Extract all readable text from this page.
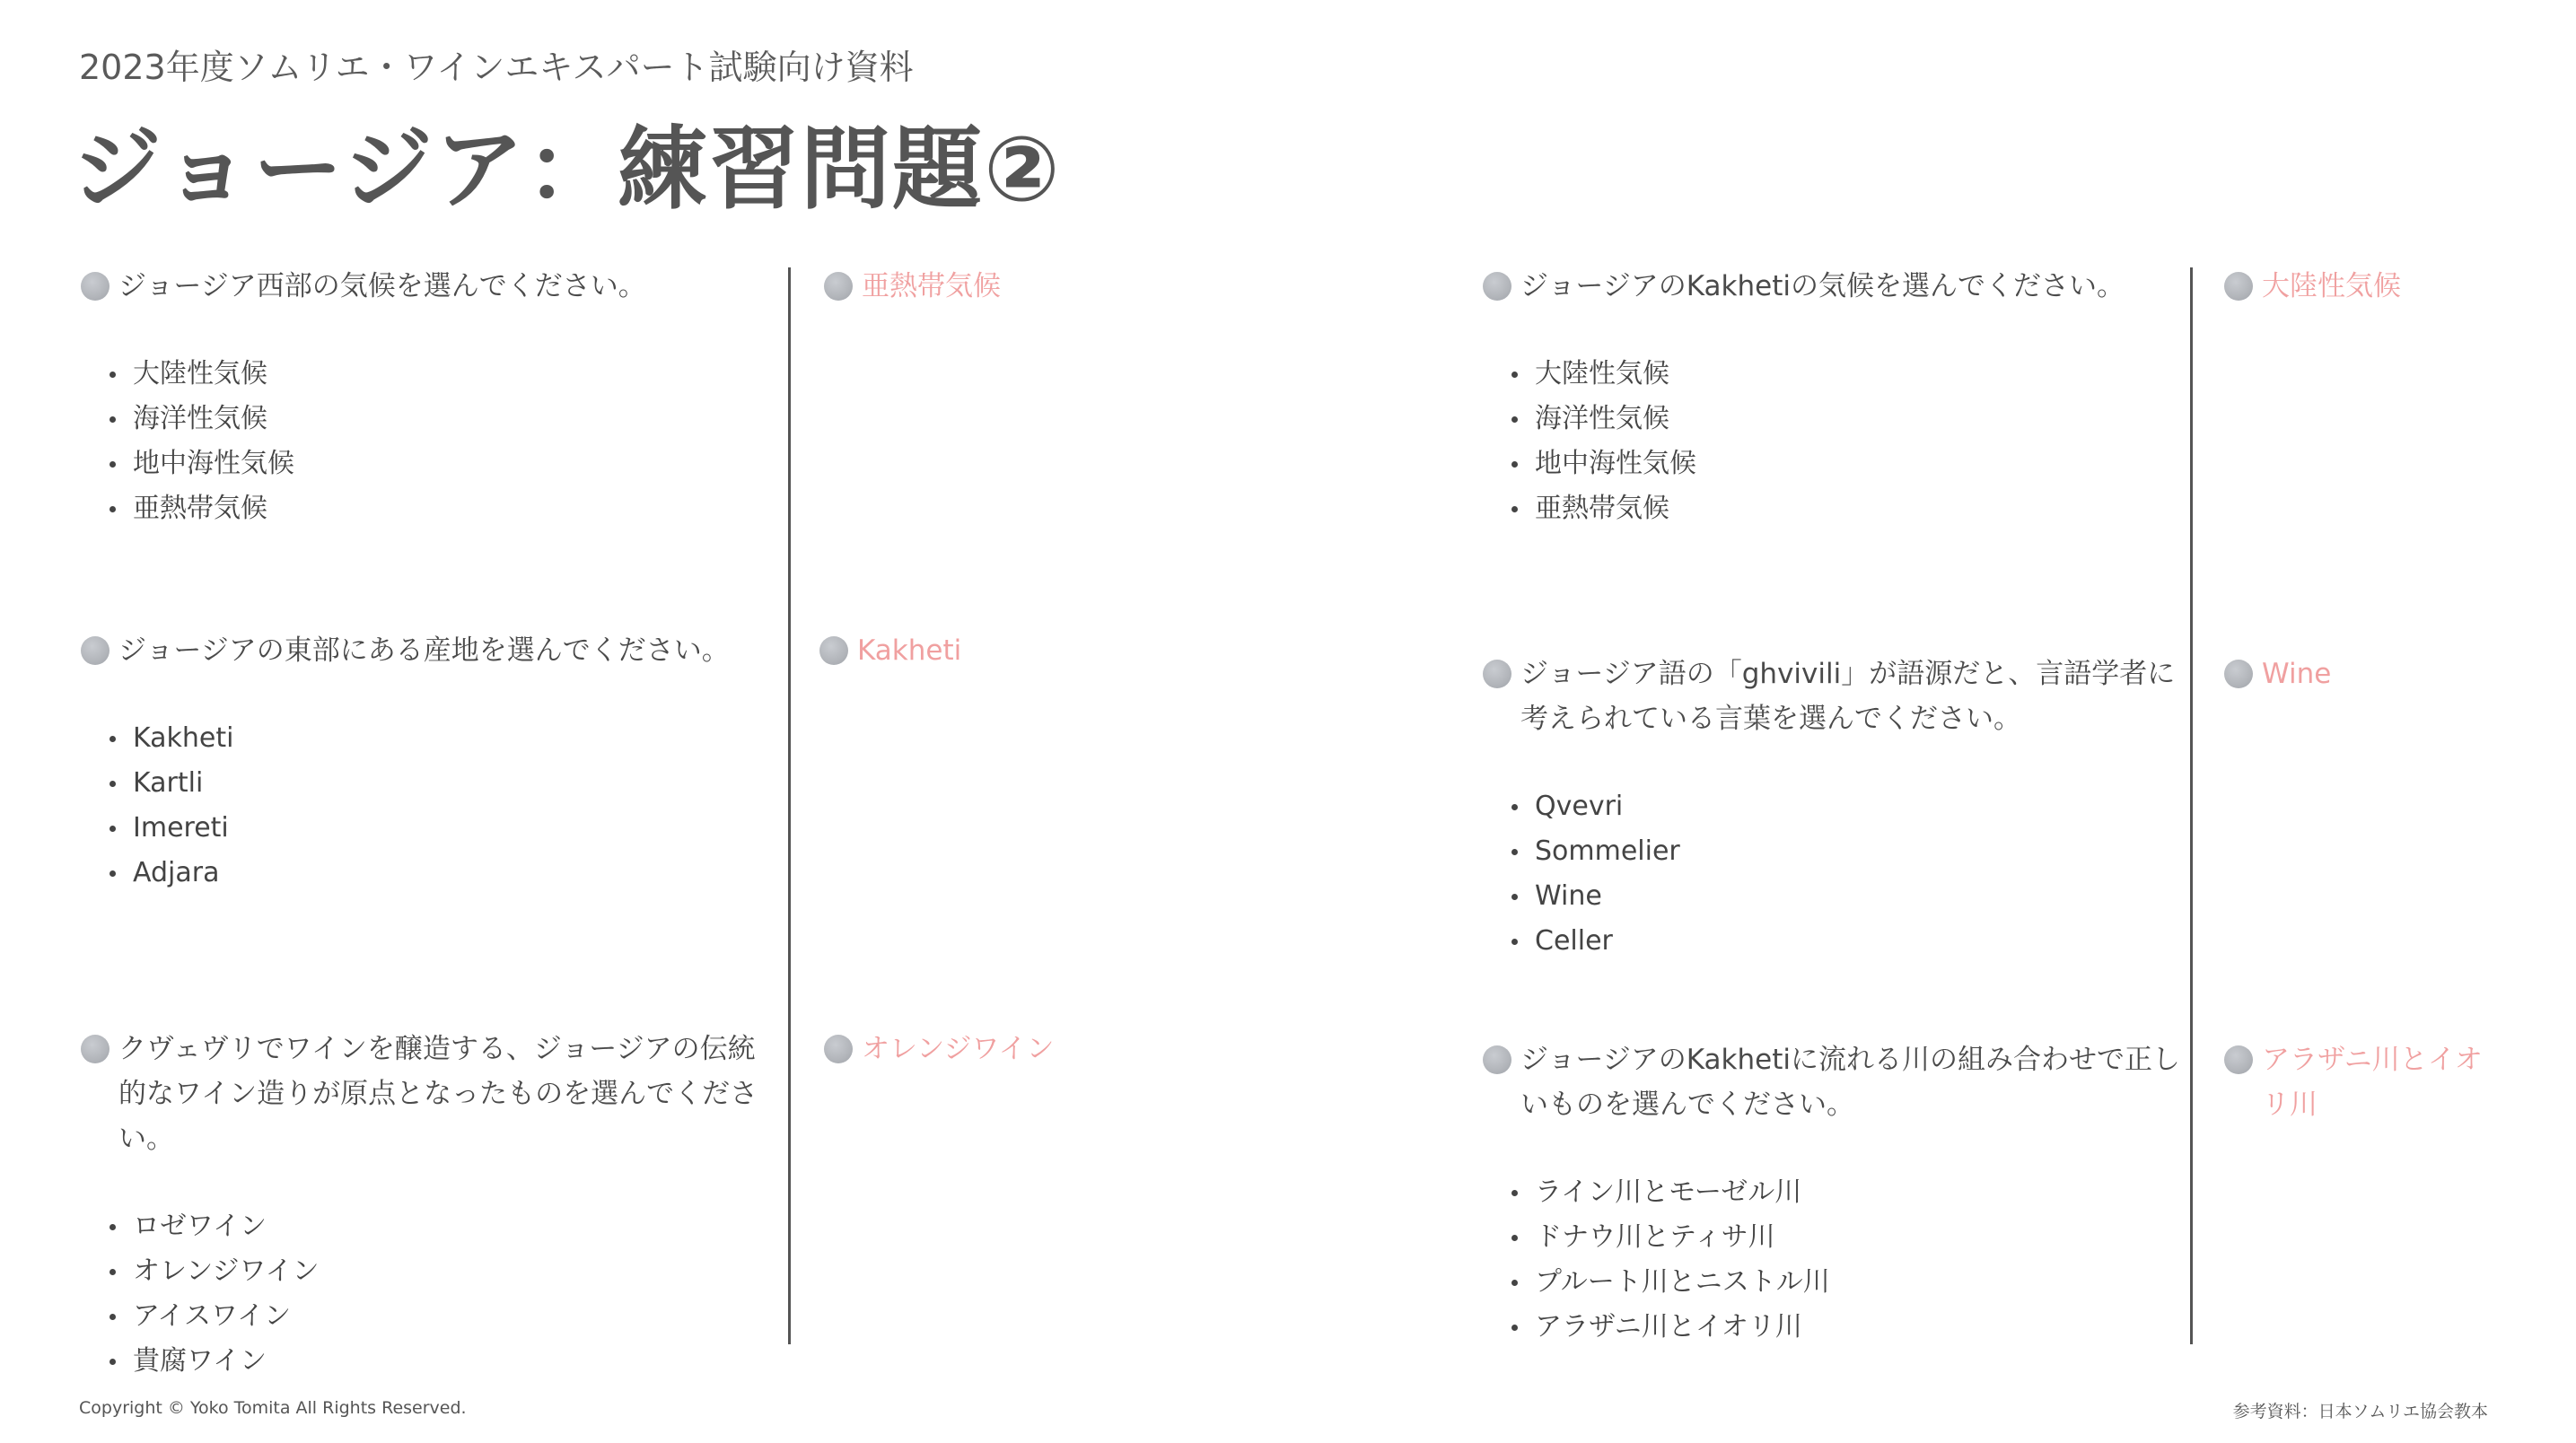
2023年度ソムリエ・ワインエキスパート試験向け資料
ジョージア：練習問題②
ジョージア西部の気候を選んでください。
大陸性気候
海洋性気候
地中海性気候
亜熱帯気候
亜熱帯気候
ジョージアの東部にある産地を選んでください。
Kakheti
Kartli
Imereti
Adjara
Kakheti
クヴェヴリでワインを醸造する、ジョージアの伝統的なワイン造りが原点となったものを選んでください。
ロゼワイン
オレンジワイン
アイスワイン
貴腐ワイン
オレンジワイン
ジョージアのKakhetiの気候を選んでください。
大陸性気候
海洋性気候
地中海性気候
亜熱帯気候
大陸性気候
ジョージア語の「ghvivili」が語源だと、言語学者に考えられている言葉を選んでください。
Qvevri
Sommelier
Wine
Celler
Wine
ジョージアのKakhetiに流れる川の組み合わせで正しいものを選んでください。
ライン川とモーゼル川
ドナウ川とティサ川
プルート川とニストル川
アラザニ川とイオリ川
アラザニ川とイオリ川
Copyright © Yoko Tomita All Rights Reserved.	参考資料：日本ソムリエ協会教本
